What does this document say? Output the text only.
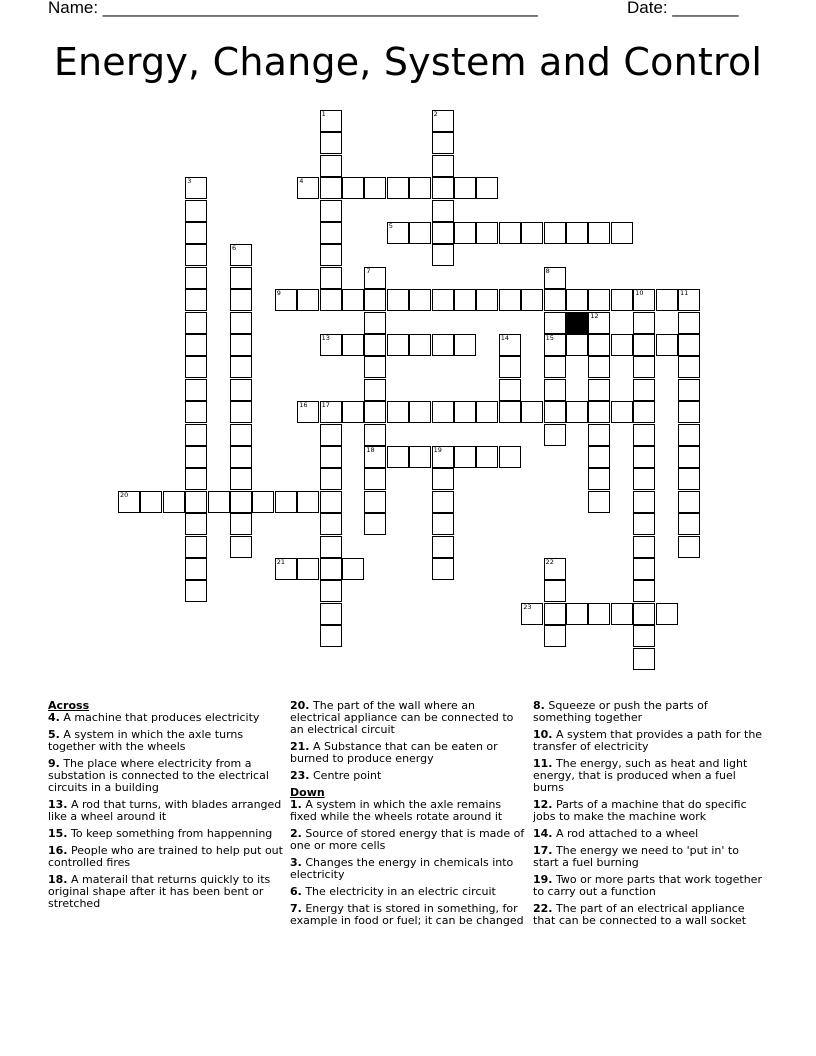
Name: ______________________________________________	Date: _______
Energy, Change, System and Control
1	2
3	4
5
6
7
18
8
15
9	10	11
12
13	14
16 17
19
20
21	22
23
Across
4. A machine that produces electricity
5. A system in which the axle turns together with the wheels
9. The place where electricity from a substation is connected to the electrical circuits in a building
13. A rod that turns, with blades arranged like a wheel around it
15. To keep something from happenning
16. People who are trained to help put out controlled fires
18. A materail that returns quickly to its original shape after it has been bent or stretched
20. The part of the wall where an electrical appliance can be connected to an electrical circuit
21. A Substance that can be eaten or burned to produce energy
23. Centre point
Down
1. A system in which the axle remains fixed while the wheels rotate around it
2. Source of stored energy that is made of one or more cells
3. Changes the energy in chemicals into electricity
6. The electricity in an electric circuit
7. Energy that is stored in something, for example in food or fuel; it can be changed
8. Squeeze or push the parts of something together
10. A system that provides a path for the transfer of electricity
11. The energy, such as heat and light energy, that is produced when a fuel burns
12. Parts of a machine that do specific jobs to make the machine work
14. A rod attached to a wheel
17. The energy we need to 'put in' to start a fuel burning
19. Two or more parts that work together to carry out a function
22. The part of an electrical appliance that can be connected to a wall socket
